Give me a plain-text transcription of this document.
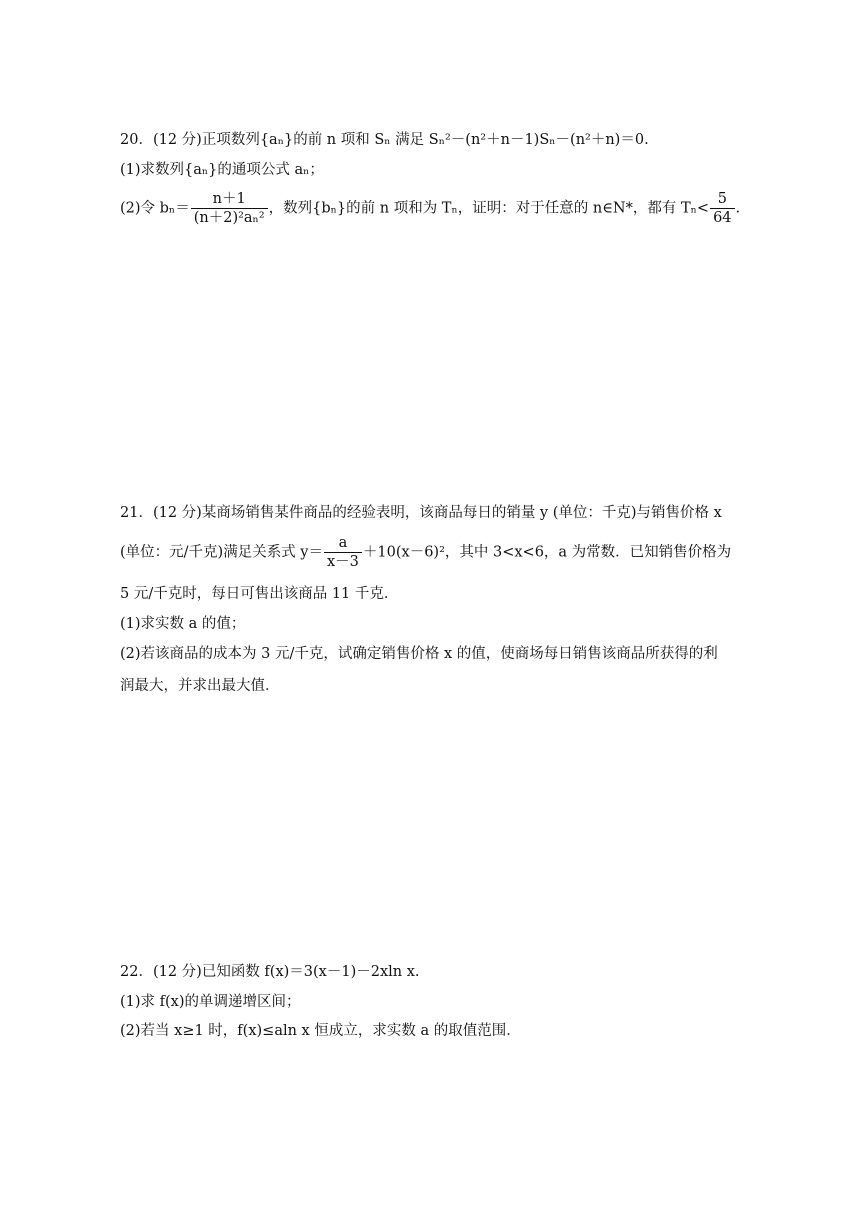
20．(12 分)正项数列{aₙ}的前 n 项和 Sₙ 满足 Sₙ²－(n²＋n－1)Sₙ－(n²＋n)＝0.
(1)求数列{aₙ}的通项公式 aₙ；
(2)令 $b_n= \frac{n+1}{\text{(n＋2)²aₙ²}}$ ，数列{bₙ}的前 n 项和为 Tₙ，证明：对于任意的 n∈N*，都有 $T_n< \frac{5}{64}$ .
21．(12 分)某商场销售某件商品的经验表明，该商品每日的销量 y (单位：千克)与销售价格 x
(单位：元/千克)满足关系式 $y= \frac{a}{x-3} +10(x-6)^2$，其中 3<x<6，a 为常数．已知销售价格为
5 元/千克时，每日可售出该商品 11 千克．
(1)求实数 a 的值；
(2)若该商品的成本为 3 元/千克，试确定销售价格 x 的值，使商场每日销售该商品所获得的利
润最大，并求出最大值．
22．(12 分)已知函数 f(x)＝3(x－1)－2xln x.
(1)求 f(x)的单调递增区间；
(2)若当 x≥1 时，f(x)≤aln x 恒成立，求实数 a 的取值范围．
